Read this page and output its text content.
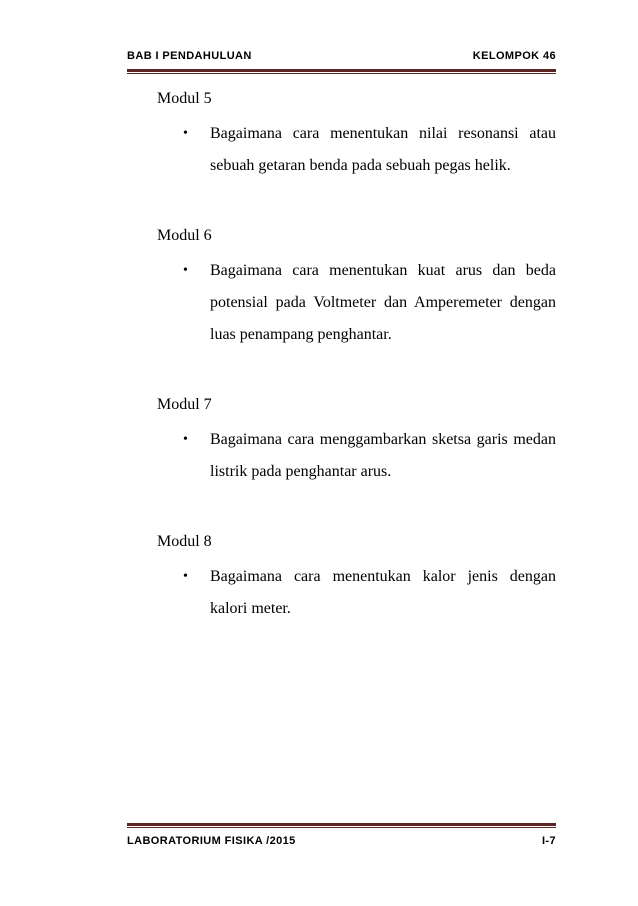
BAB I PENDAHULUAN	KELOMPOK 46
Modul 5
• Bagaimana cara menentukan nilai resonansi atau sebuah getaran benda pada sebuah pegas helik.
Modul 6
• Bagaimana cara menentukan kuat arus dan beda potensial pada Voltmeter dan Amperemeter dengan luas penampang penghantar.
Modul 7
• Bagaimana cara menggambarkan sketsa garis medan listrik pada penghantar arus.
Modul 8
• Bagaimana cara menentukan kalor jenis dengan kalori meter.
LABORATORIUM FISIKA /2015	I-7
